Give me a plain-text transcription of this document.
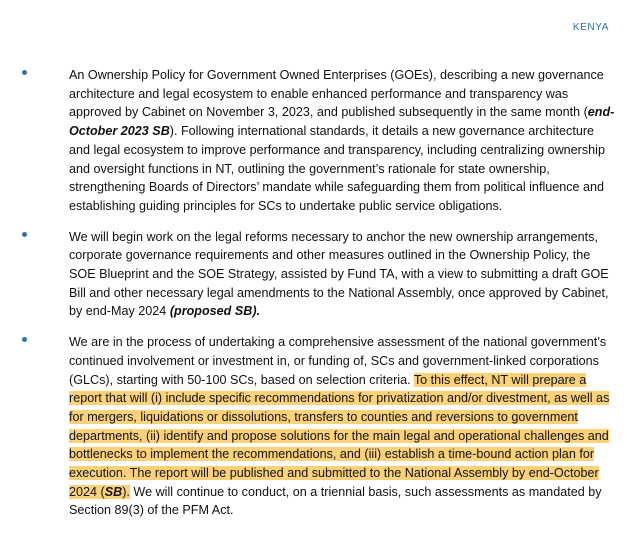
KENYA

An Ownership Policy for Government Owned Enterprises (GOEs), describing a new governance architecture and legal ecosystem to enable enhanced performance and transparency was approved by Cabinet on November 3, 2023, and published subsequently in the same month (end-October 2023 SB). Following international standards, it details a new governance architecture and legal ecosystem to improve performance and transparency, including centralizing ownership and oversight functions in NT, outlining the government’s rationale for state ownership, strengthening Boards of Directors’ mandate while safeguarding them from political influence and establishing guiding principles for SCs to undertake public service obligations.

We will begin work on the legal reforms necessary to anchor the new ownership arrangements, corporate governance requirements and other measures outlined in the Ownership Policy, the SOE Blueprint and the SOE Strategy, assisted by Fund TA, with a view to submitting a draft GOE Bill and other necessary legal amendments to the National Assembly, once approved by Cabinet, by end-May 2024 (proposed SB).

We are in the process of undertaking a comprehensive assessment of the national government’s continued involvement or investment in, or funding of, SCs and government-linked corporations (GLCs), starting with 50-100 SCs, based on selection criteria. To this effect, NT will prepare a report that will (i) include specific recommendations for privatization and/or divestment, as well as for mergers, liquidations or dissolutions, transfers to counties and reversions to government departments, (ii) identify and propose solutions for the main legal and operational challenges and bottlenecks to implement the recommendations, and (iii) establish a time-bound action plan for execution. The report will be published and submitted to the National Assembly by end-October 2024 (SB). We will continue to conduct, on a triennial basis, such assessments as mandated by Section 89(3) of the PFM Act.
